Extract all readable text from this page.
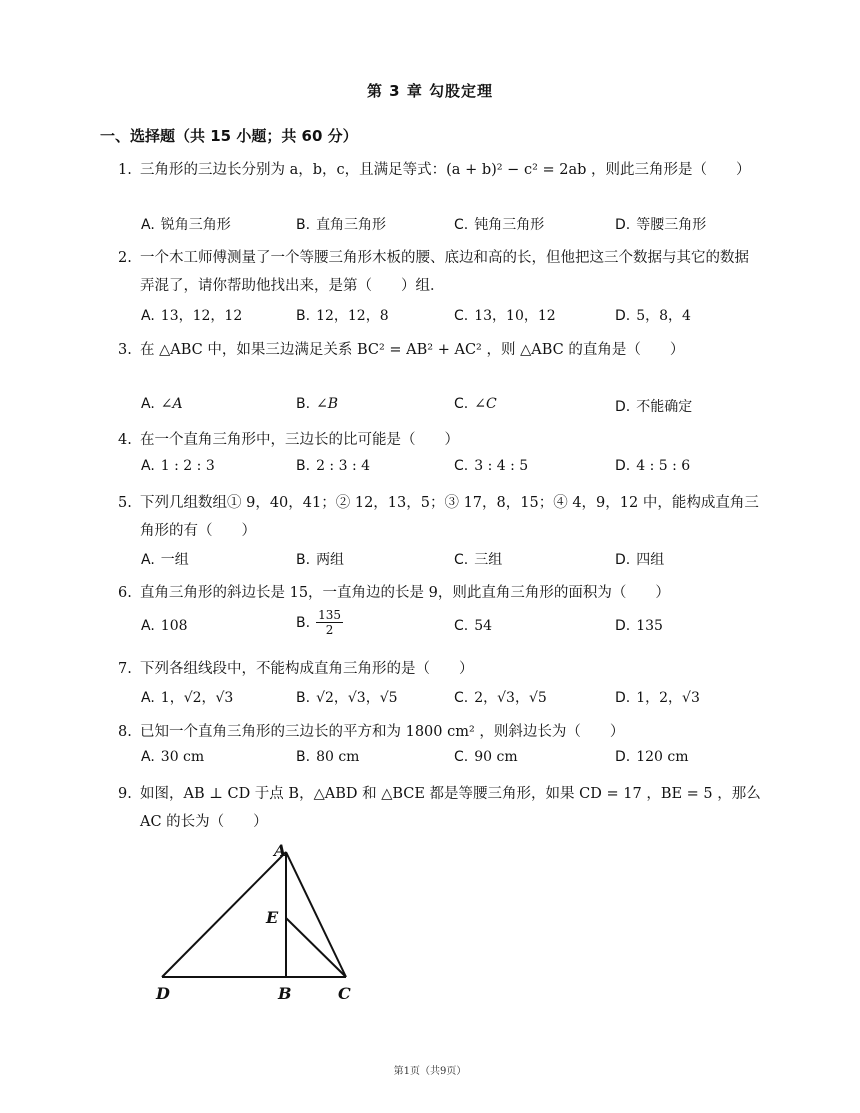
第 3 章 勾股定理
一、选择题（共 15 小题；共 60 分）
1. 三角形的三边长分别为 a，b，c，且满足等式：(a + b)² − c² = 2ab ，则此三角形是（　　）
A. 锐角三角形	B. 直角三角形	C. 钝角三角形	D. 等腰三角形
2. 一个木工师傅测量了一个等腰三角形木板的腰、底边和高的长，但他把这三个数据与其它的数据弄混了，请你帮助他找出来，是第（　　）组．
A. 13，12，12	B. 12，12，8	C. 13，10，12	D. 5，8，4
3. 在 △ABC 中，如果三边满足关系 BC² = AB² + AC² ，则 △ABC 的直角是（　　）
A. ∠A	B. ∠B	C. ∠C	D. 不能确定
4. 在一个直角三角形中，三边长的比可能是（　　）
A. 1 : 2 : 3	B. 2 : 3 : 4	C. 3 : 4 : 5	D. 4 : 5 : 6
5. 下列几组数组① 9，40，41；② 12，13，5；③ 17，8，15；④ 4，9，12 中，能构成直角三角形的有（　　）
A. 一组	B. 两组	C. 三组	D. 四组
6. 直角三角形的斜边长是 15，一直角边的长是 9，则此直角三角形的面积为（　　）
A. 108	B. $\frac{135}{2}$	C. 54	D. 135
7. 下列各组线段中，不能构成直角三角形的是（　　）
A. 1，√2，√3	B. √2，√3，√5	C. 2，√3，√5	D. 1，2，√3
8. 已知一个直角三角形的三边长的平方和为 1800 cm² ，则斜边长为（　　）
A. 30 cm	B. 80 cm	C. 90 cm	D. 120 cm
9. 如图，AB ⊥ CD 于点 B，△ABD 和 △BCE 都是等腰三角形，如果 CD = 17 ，BE = 5 ，那么 AC 的长为（　　）
A
E
D	B	C
第1页（共9页）
